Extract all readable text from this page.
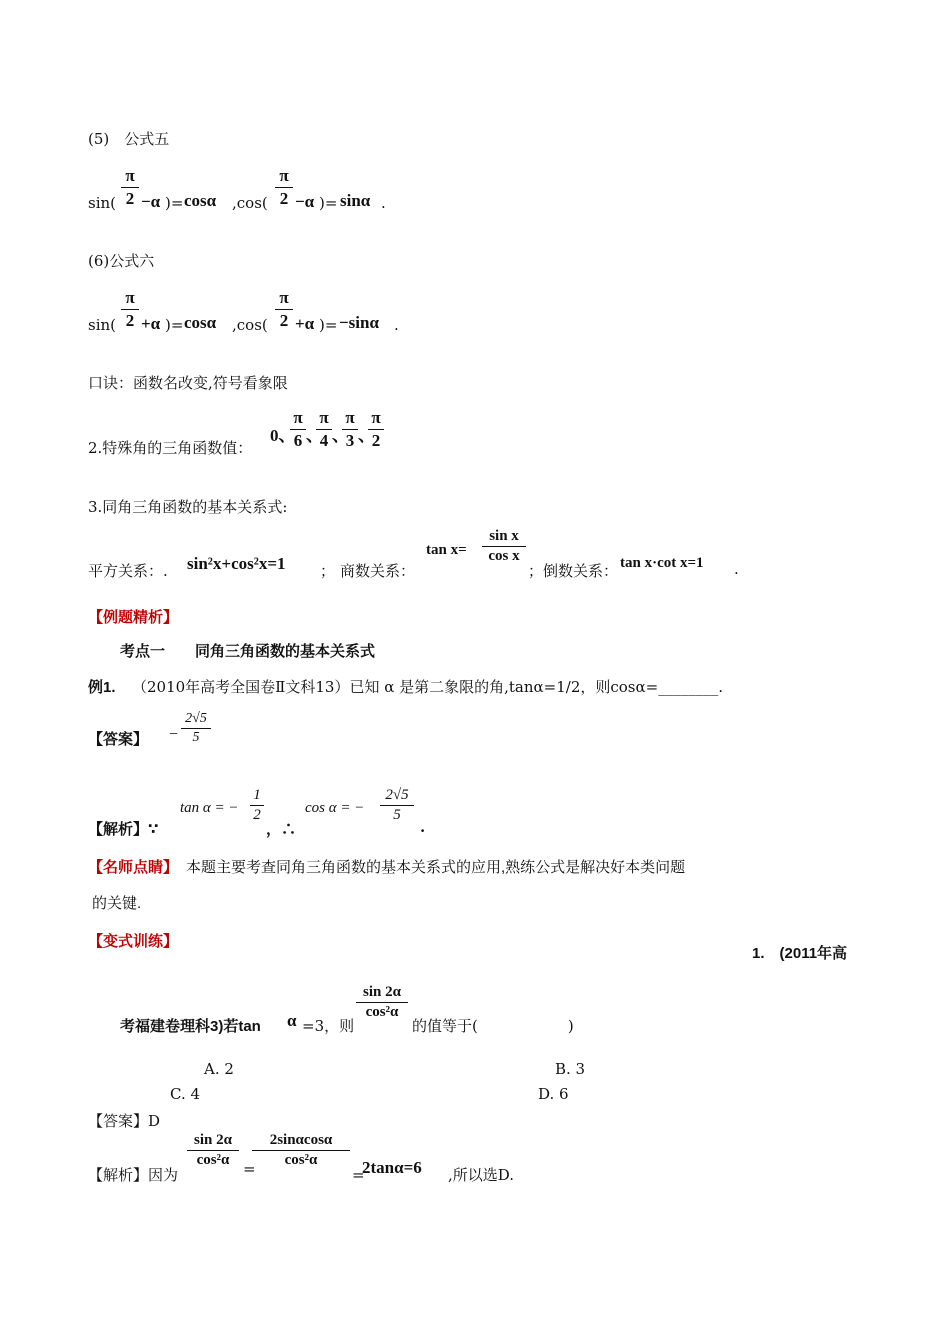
(5)　公式五
sin(
π
2 −α )= cosα ,cos(
π
2 −α )= sinα .
(6)公式六
sin(
π
2 +α )= cosα ,cos(
π
2 +α )= −sinα .
口诀：函数名改变,符号看象限
2.特殊角的三角函数值：
0、
π
6 、
π
4 、
π
3 、
π
2
3.同角三角函数的基本关系式:
平方关系：. sin²x+cos²x=1 ； 商数关系：
tan x=
sin x
cos x
；倒数关系： tan x·cot x=1 .
【例题精析】
考点一　　同角三角函数的基本关系式
例1. （2010年高考全国卷Ⅱ文科13）已知 α 是第二象限的角,tanα=1/2，则cosα=________.
【答案】 −
2√5
5
【解析】∵
tan α = −
1
2
，∴
cos α = −
2√5
5
.
【名师点睛】 本题主要考查同角三角函数的基本关系式的应用,熟练公式是解决好本类问题
的关键.
【变式训练】
1.　(2011年高
考福建卷理科3)若tan α =3，则
sin 2α
cos²α
的值等于(　　　　　　)
A. 2	B. 3
C. 4	D. 6
【答案】D
【解析】因为
sin 2α
cos²α =
2sinαcosα
cos²α
=
2tanα=6 ,所以选D.
